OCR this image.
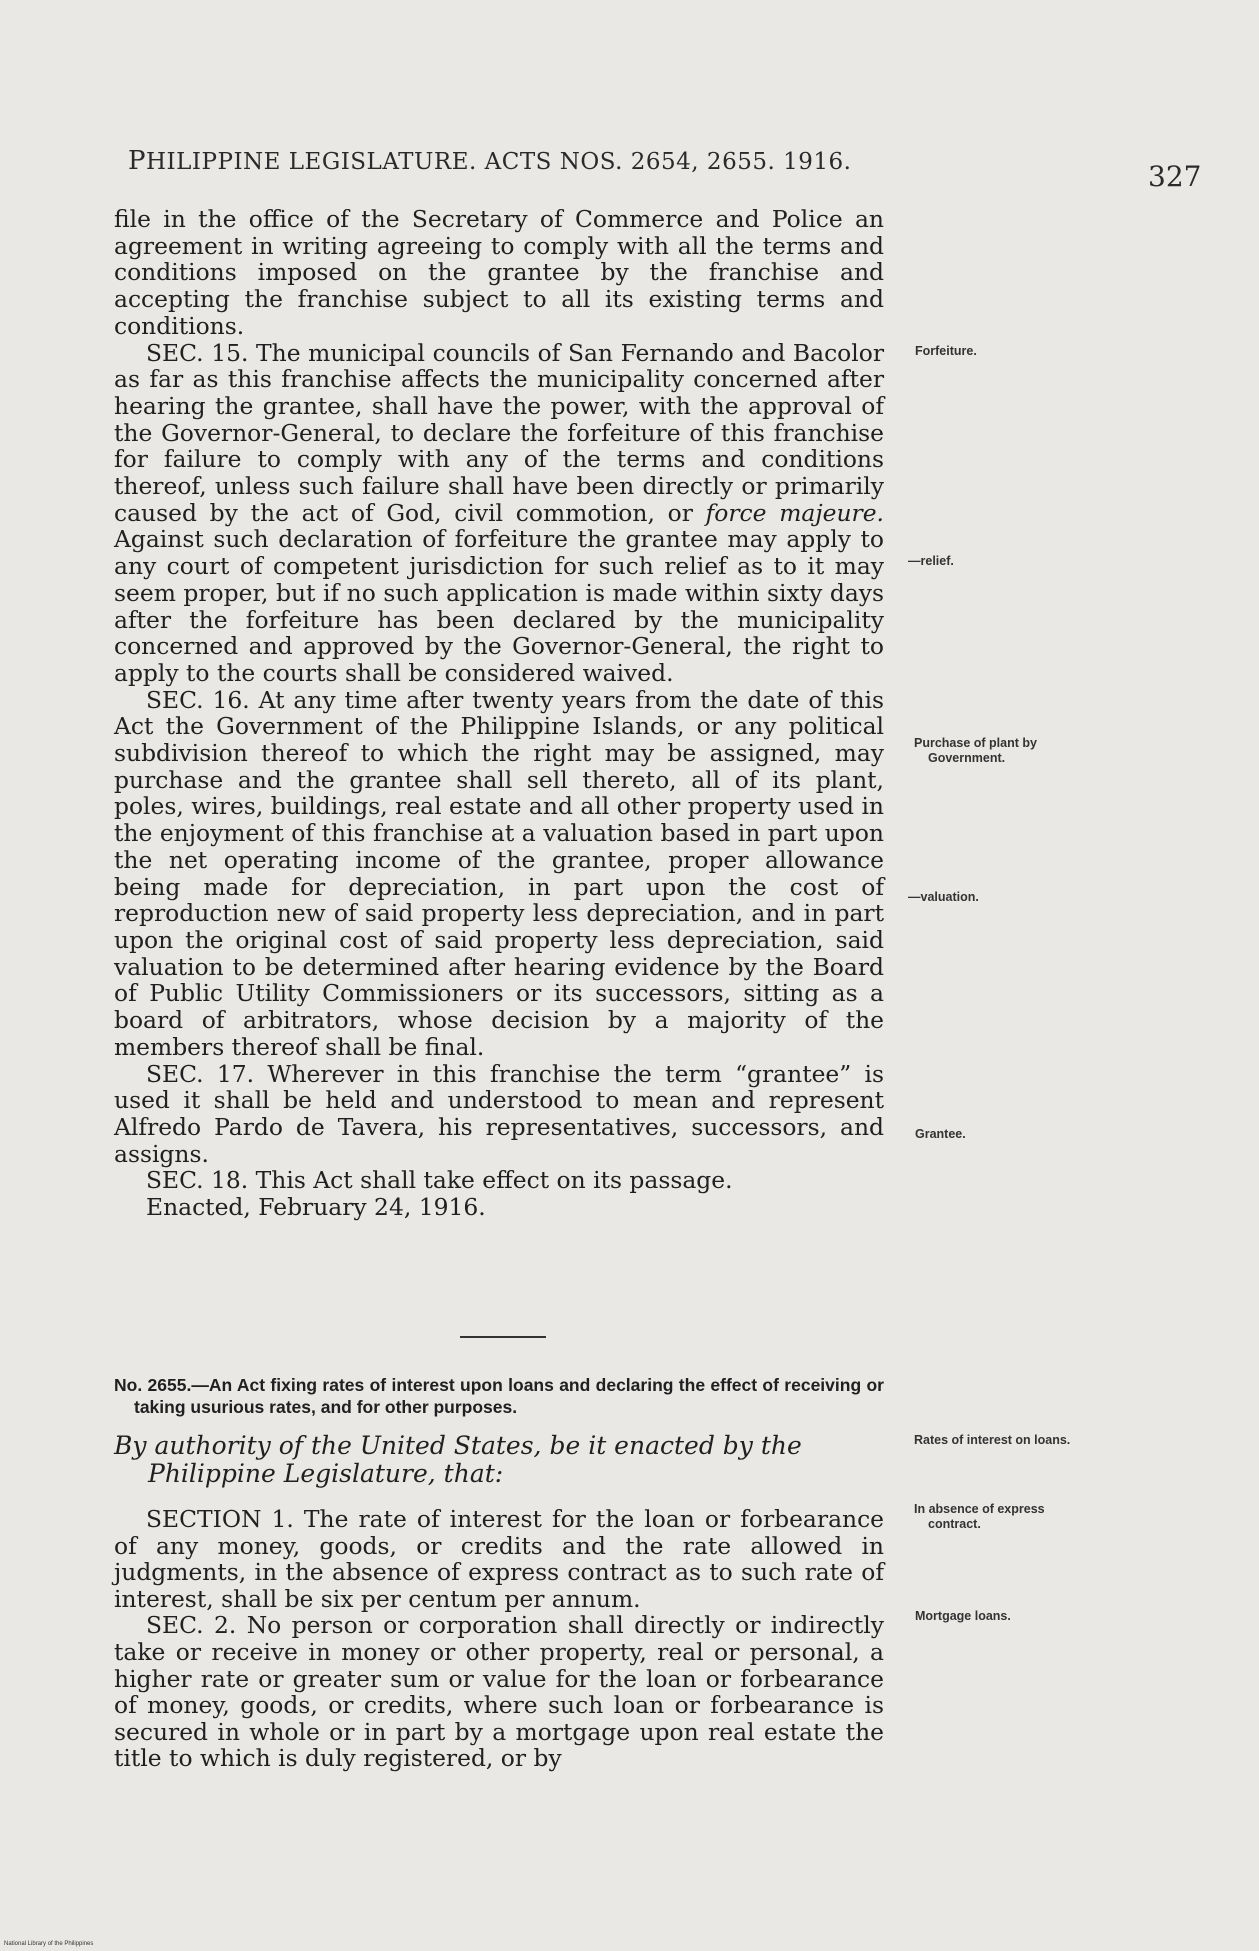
PHILIPPINE LEGISLATURE. ACTS NOS. 2654, 2655. 1916.	327

file in the office of the Secretary of Commerce and Police an agreement in writing agreeing to comply with all the terms and conditions imposed on the grantee by the franchise and accepting the franchise subject to all its existing terms and conditions.

SEC. 15. The municipal councils of San Fernando and Bacolor as far as this franchise affects the municipality concerned after hearing the grantee, shall have the power, with the approval of the Governor-General, to declare the forfeiture of this franchise for failure to comply with any of the terms and conditions thereof, unless such failure shall have been directly or primarily caused by the act of God, civil commotion, or force majeure. Against such declaration of forfeiture the grantee may apply to any court of competent jurisdiction for such relief as to it may seem proper, but if no such application is made within sixty days after the forfeiture has been declared by the municipality concerned and approved by the Governor-General, the right to apply to the courts shall be considered waived.

SEC. 16. At any time after twenty years from the date of this Act the Government of the Philippine Islands, or any political subdivision thereof to which the right may be assigned, may purchase and the grantee shall sell thereto, all of its plant, poles, wires, buildings, real estate and all other property used in the enjoyment of this franchise at a valuation based in part upon the net operating income of the grantee, proper allowance being made for depreciation, in part upon the cost of reproduction new of said property less depreciation, and in part upon the original cost of said property less depreciation, said valuation to be determined after hearing evidence by the Board of Public Utility Commissioners or its successors, sitting as a board of arbitrators, whose decision by a majority of the members thereof shall be final.

SEC. 17. Wherever in this franchise the term “grantee” is used it shall be held and understood to mean and represent Alfredo Pardo de Tavera, his representatives, successors, and assigns.

SEC. 18. This Act shall take effect on its passage.

Enacted, February 24, 1916.

No. 2655.—An Act fixing rates of interest upon loans and declaring the effect of receiving or taking usurious rates, and for other purposes.
By authority of the United States, be it enacted by the Philippine Legislature, that:

SECTION 1. The rate of interest for the loan or forbearance of any money, goods, or credits and the rate allowed in judgments, in the absence of express contract as to such rate of interest, shall be six per centum per annum.

SEC. 2. No person or corporation shall directly or indirectly take or receive in money or other property, real or personal, a higher rate or greater sum or value for the loan or forbearance of money, goods, or credits, where such loan or forbearance is secured in whole or in part by a mortgage upon real estate the title to which is duly registered, or by

Forfeiture.
—relief.
Purchase of plant by Government.
—valuation.
Grantee.
Rates of interest on loans.
In absence of express contract.
Mortgage loans.
National Library of the Philippines
